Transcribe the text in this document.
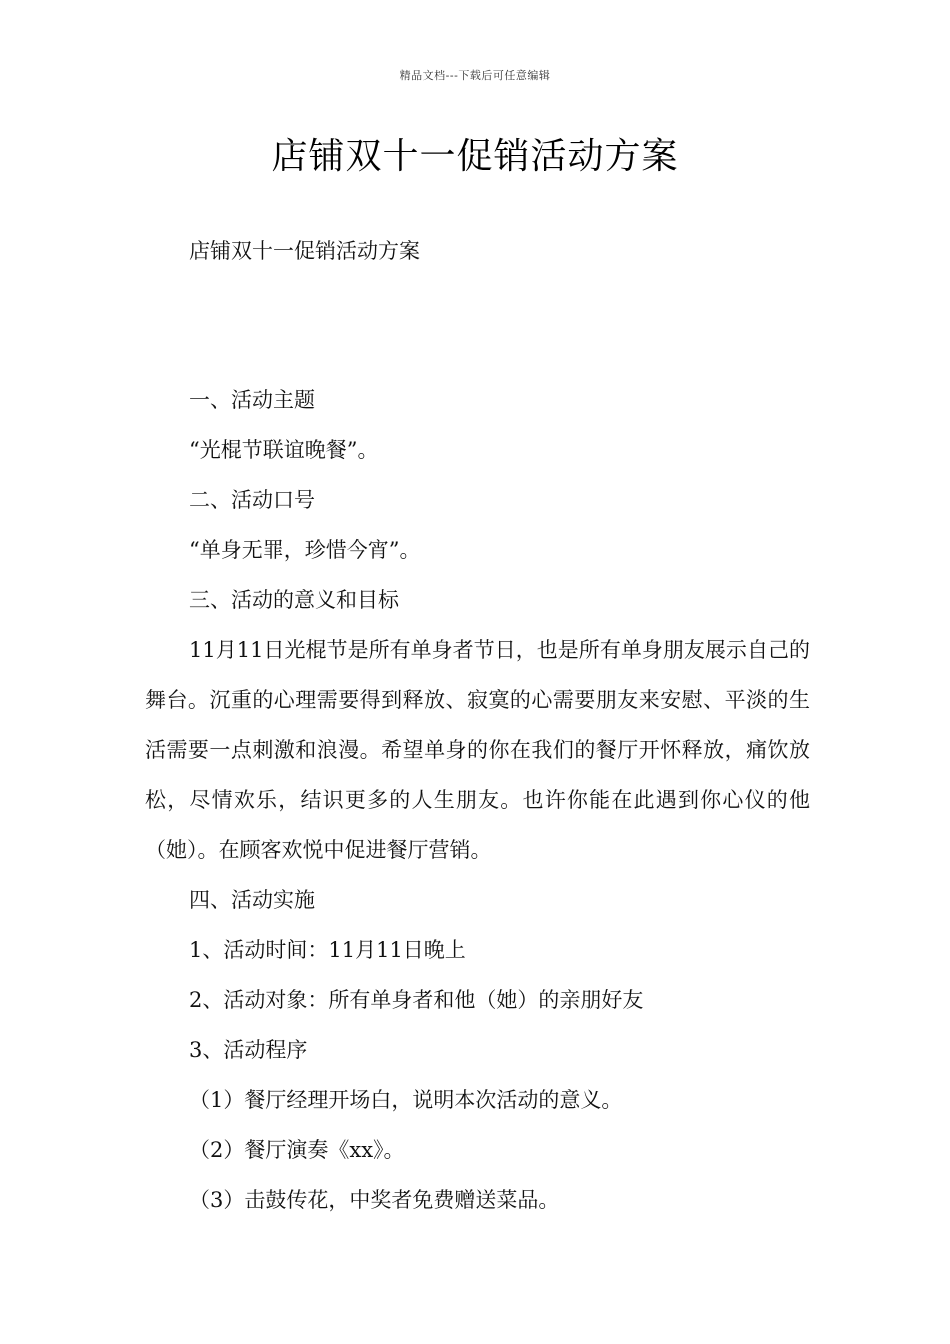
精品文档---下载后可任意编辑
店铺双十一促销活动方案
店铺双十一促销活动方案

一、活动主题

“光棍节联谊晚餐”。

二、活动口号

“单身无罪，珍惜今宵”。

三、活动的意义和目标

11月11日光棍节是所有单身者节日，也是所有单身朋友展示自己的舞台。沉重的心理需要得到释放、寂寞的心需要朋友来安慰、平淡的生活需要一点刺激和浪漫。希望单身的你在我们的餐厅开怀释放，痛饮放松，尽情欢乐，结识更多的人生朋友。也许你能在此遇到你心仪的他（她）。在顾客欢悦中促进餐厅营销。

四、活动实施

1、活动时间：11月11日晚上

2、活动对象：所有单身者和他（她）的亲朋好友

3、活动程序

（1）餐厅经理开场白，说明本次活动的意义。

（2）餐厅演奏《xx》。

（3）击鼓传花，中奖者免费赠送菜品。
